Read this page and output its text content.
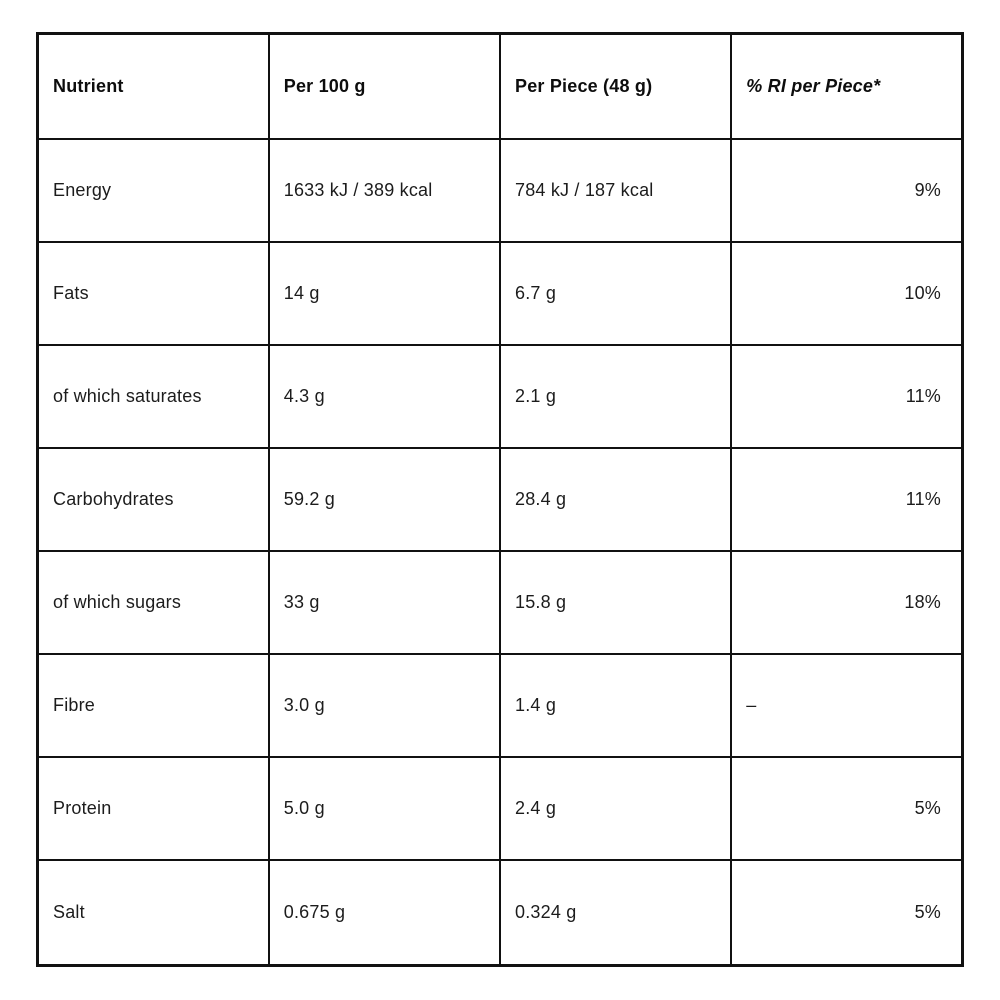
Nutrient	Per 100 g	Per Piece (48 g)	% RI per Piece*
Energy	1633 kJ / 389 kcal	784 kJ / 187 kcal	9%
Fats	14 g	6.7 g	10%
of which saturates	4.3 g	2.1 g	11%
Carbohydrates	59.2 g	28.4 g	11%
of which sugars	33 g	15.8 g	18%
Fibre	3.0 g	1.4 g	–
Protein	5.0 g	2.4 g	5%
Salt	0.675 g	0.324 g	5%
